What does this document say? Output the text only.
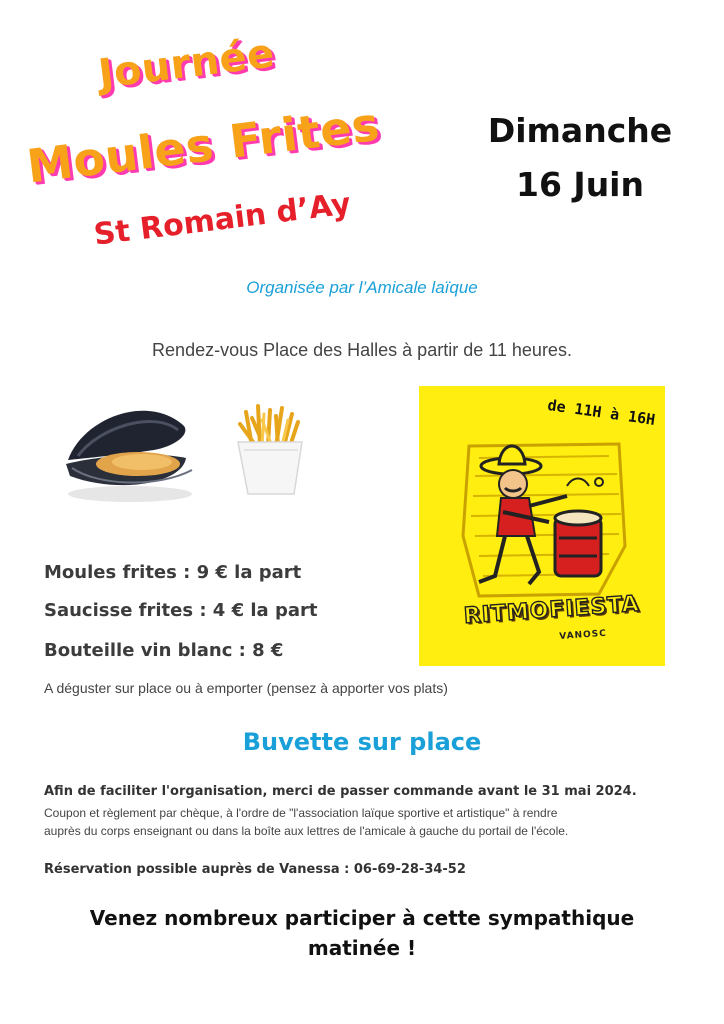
Journée
Moules Frites
St Romain d’Ay
Dimanche
16 Juin
Organisée par l’Amicale laïque
Rendez-vous Place des Halles à partir de 11 heures.
de 11H à 16H
RITMOFIESTA
VANOSC
Moules frites : 9 € la part
Saucisse frites : 4 € la part
Bouteille vin blanc : 8 €
A déguster sur place ou à emporter (pensez à apporter vos plats)
Buvette sur place
Afin de faciliter l'organisation, merci de passer commande avant le 31 mai 2024.
Coupon et règlement par chèque, à l'ordre de "l'association laïque sportive et artistique" à rendre
auprès du corps enseignant ou dans la boîte aux lettres de l'amicale à gauche du portail de l'école.
Réservation possible auprès de Vanessa : 06-69-28-34-52
Venez nombreux participer à cette sympathique
matinée !
